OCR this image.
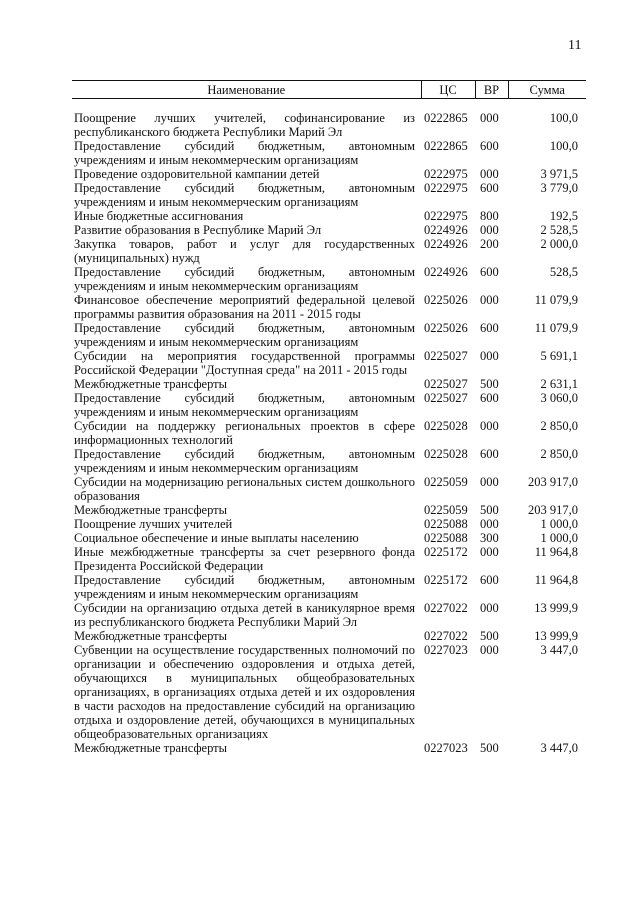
11
Наименование	ЦС	ВР	Сумма
Поощрение лучших учителей, софинансирование из республиканского бюджета Республики Марий Эл	0222865	000	100,0
Предоставление субсидий бюджетным, автономным учреждениям и иным некоммерческим организациям	0222865	600	100,0
Проведение оздоровительной кампании детей	0222975	000	3 971,5
Предоставление субсидий бюджетным, автономным учреждениям и иным некоммерческим организациям	0222975	600	3 779,0
Иные бюджетные ассигнования	0222975	800	192,5
Развитие образования в Республике Марий Эл	0224926	000	2 528,5
Закупка товаров, работ и услуг для государственных (муниципальных) нужд	0224926	200	2 000,0
Предоставление субсидий бюджетным, автономным учреждениям и иным некоммерческим организациям	0224926	600	528,5
Финансовое обеспечение мероприятий федеральной целевой программы развития образования на 2011 - 2015 годы	0225026	000	11 079,9
Предоставление субсидий бюджетным, автономным учреждениям и иным некоммерческим организациям	0225026	600	11 079,9
Субсидии на мероприятия государственной программы Российской Федерации "Доступная среда" на 2011 - 2015 годы	0225027	000	5 691,1
Межбюджетные трансферты	0225027	500	2 631,1
Предоставление субсидий бюджетным, автономным учреждениям и иным некоммерческим организациям	0225027	600	3 060,0
Субсидии на поддержку региональных проектов в сфере информационных технологий	0225028	000	2 850,0
Предоставление субсидий бюджетным, автономным учреждениям и иным некоммерческим организациям	0225028	600	2 850,0
Субсидии на модернизацию региональных систем дошкольного образования	0225059	000	203 917,0
Межбюджетные трансферты	0225059	500	203 917,0
Поощрение лучших учителей	0225088	000	1 000,0
Социальное обеспечение и иные выплаты населению	0225088	300	1 000,0
Иные межбюджетные трансферты за счет резервного фонда Президента Российской Федерации	0225172	000	11 964,8
Предоставление субсидий бюджетным, автономным учреждениям и иным некоммерческим организациям	0225172	600	11 964,8
Субсидии на организацию отдыха детей в каникулярное время из республиканского бюджета Республики Марий Эл	0227022	000	13 999,9
Межбюджетные трансферты	0227022	500	13 999,9
Субвенции на осуществление государственных полномочий по организации и обеспечению оздоровления и отдыха детей, обучающихся в муниципальных общеобразовательных организациях, в организациях отдыха детей и их оздоровления в части расходов на предоставление субсидий на организацию отдыха и оздоровление детей, обучающихся в муниципальных общеобразовательных организациях	0227023	000	3 447,0
Межбюджетные трансферты	0227023	500	3 447,0
